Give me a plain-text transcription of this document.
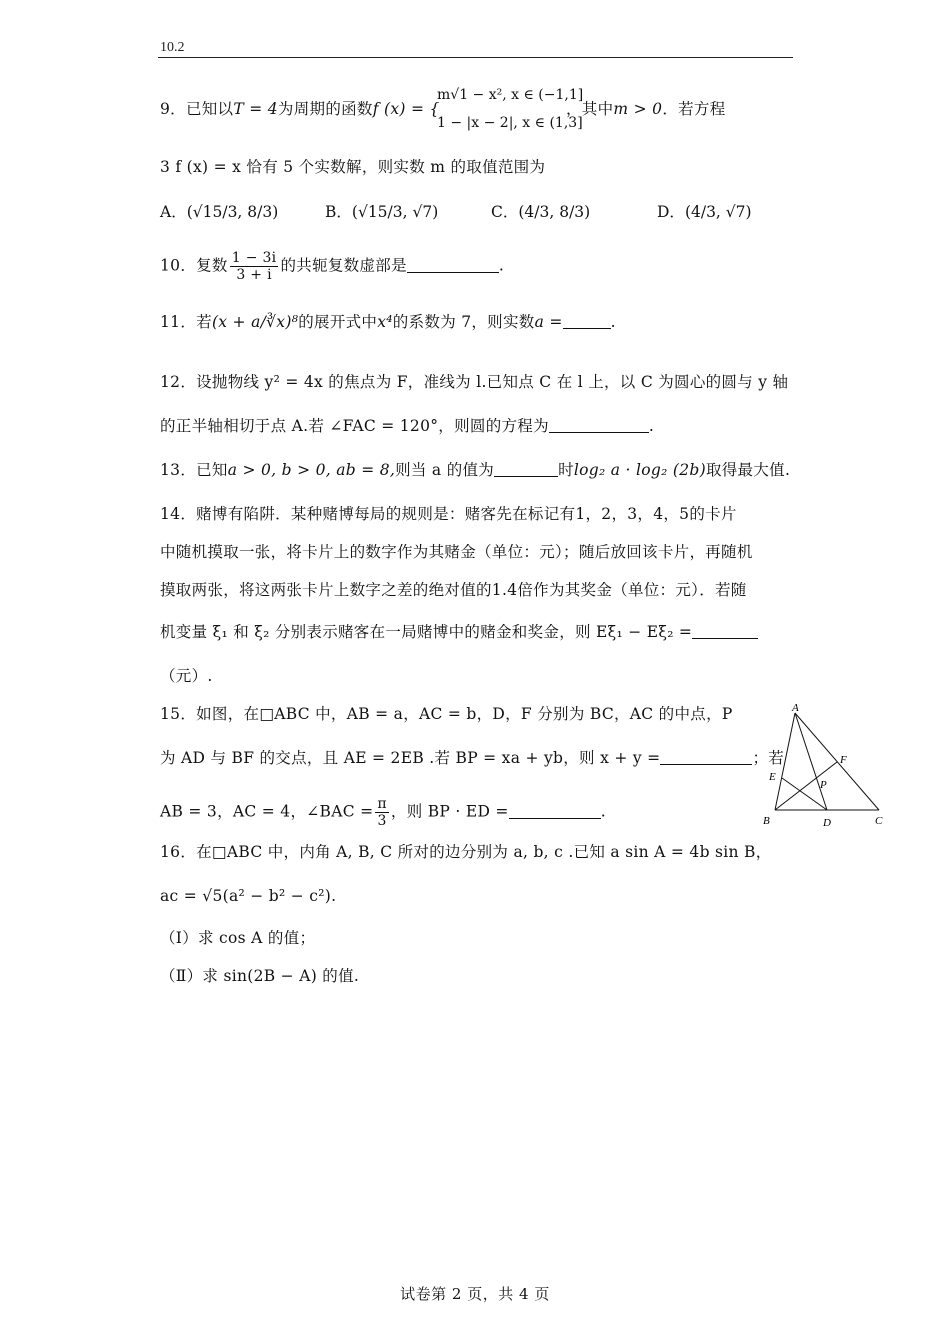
10.2
9．已知以T = 4为周期的函数f (x) = {
m√1 − x², x ∈ (−1,1]
1 − |x − 2|, x ∈ (1,3]
，其中m > 0．若方程
3 f (x) = x 恰有 5 个实数解，则实数 m 的取值范围为
A．(√15/3, 8/3)	B．(√15/3, √7)	C．(4/3, 8/3)	D．(4/3, √7)
10．复数 $\frac{1 - 3i}{3 + i}$ 的共轭复数虚部是	.
11．若(x + a/∛x)⁸的展开式中x⁴的系数为 7，则实数a =	.
12．设抛物线 y² = 4x 的焦点为 F，准线为 l.已知点 C 在 l 上，以 C 为圆心的圆与 y 轴
的正半轴相切于点 A.若 ∠FAC = 120°，则圆的方程为	.
13．已知a > 0, b > 0, ab = 8,则当 a 的值为	时log₂ a · log₂ (2b)取得最大值.
14．赌博有陷阱．某种赌博每局的规则是：赌客先在标记有1，2，3，4，5的卡片
中随机摸取一张，将卡片上的数字作为其赌金（单位：元）；随后放回该卡片，再随机
摸取两张，将这两张卡片上数字之差的绝对值的1.4倍作为其奖金（单位：元）．若随
机变量 ξ₁ 和 ξ₂ 分别表示赌客在一局赌博中的赌金和奖金，则 Eξ₁ − Eξ₂ =
（元）.
15．如图，在□ABC 中，AB = a，AC = b，D，F 分别为 BC，AC 的中点，P
为 AD 与 BF 的交点，且 AE = 2EB .若 BP = xa + yb，则 x + y =	；若
AB = 3，AC = 4，∠BAC = $\frac{\pi}{3}$ ，则 BP · ED =	.
A
B	C
D
E
F
P
16．在□ABC 中，内角 A, B, C 所对的边分别为 a, b, c .已知 a sin A = 4b sin B，
ac = √5(a² − b² − c²).
（Ⅰ）求 cos A 的值；
（Ⅱ）求 sin(2B − A) 的值.
试卷第 2 页，共 4 页
